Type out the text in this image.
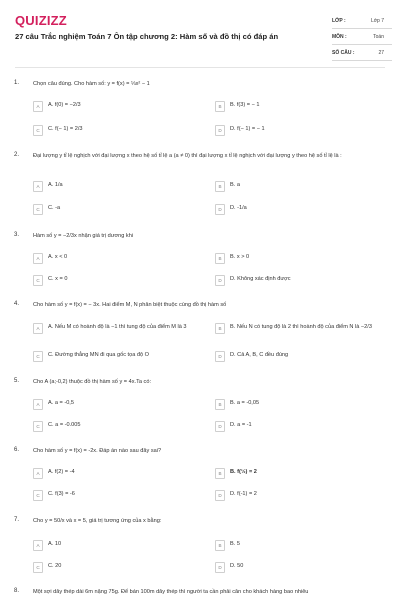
QUIZIZZ
27 câu Trắc nghiệm Toán 7 Ôn tập chương 2: Hàm số và đồ thị có đáp án
LỚP :	Lớp 7
MÔN :	Toán
SỐ CÂU :	27
1. Chọn câu đúng. Cho hàm số: y = f(x) = ⅓x² − 1
A	A. f(0) = −2/3	B	B. f(3) = − 1
C	C. f(− 1) = 2/3	D	D. f(− 1) = − 1
2. Đại lượng y tỉ lệ nghịch với đại lượng x theo hệ số tỉ lệ a (a ≠ 0) thì đại lượng x tỉ lệ nghịch với đại lượng y theo hệ số tỉ lệ là :
A	A. 1/a	B	B. a
C	C. -a	D	D. -1/a
3. Hàm số y = −2/3x nhận giá trị dương khi
A	A. x < 0	B	B. x > 0
C	C. x = 0	D	D. Không xác định được
4. Cho hàm số y = f(x) = − 3x. Hai điểm M, N phân biệt thuộc cùng đồ thị hàm số
A	A. Nếu M có hoành độ là −1 thì tung độ của điểm M là 3	B	B. Nếu N có tung độ là 2 thì hoành độ của điểm N là −2/3
C	C. Đường thẳng MN đi qua gốc tọa độ O	D	D. Cả A, B, C đều đúng
5. Cho A (a;-0,2) thuộc đồ thị hàm số y = 4x.Ta có:
A	A. a = -0,5	B	B. a = -0,05
C	C. a = -0.005	D	D. a = -1
6. Cho hàm số y = f(x) = -2x. Đáp án nào sau đây sai?
A	A. f(2) = -4	B	B. f(½) = 2
C	C. f(3) = -6	D	D. f(-1) = 2
7. Cho y = 50/x và x = 5, giá trị tương ứng của x bằng:
A	A. 10	B	B. 5
C	C. 20	D	D. 50
8. Một sợi dây thép dài 6m nặng 75g. Để bán 100m dây thép thì người ta cần phải cân cho khách hàng bao nhiêu
